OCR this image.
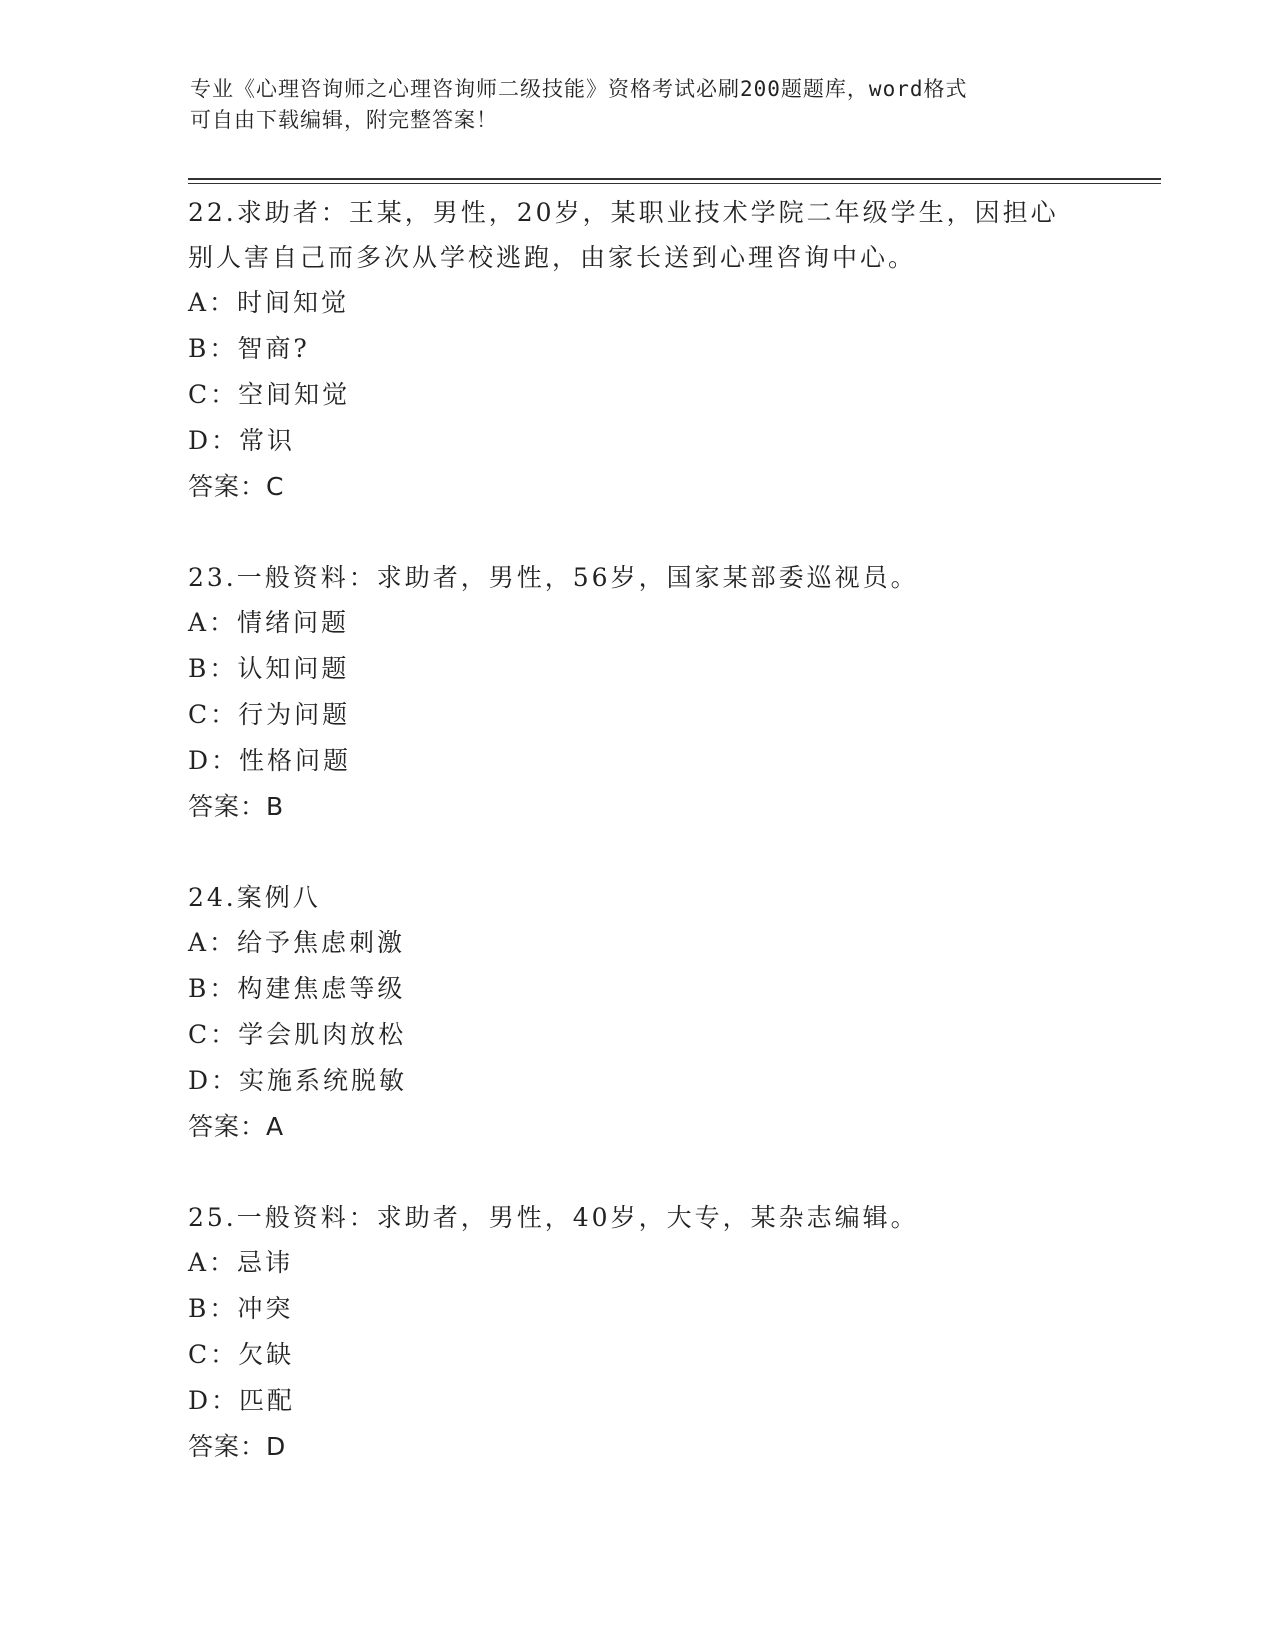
专业《心理咨询师之心理咨询师二级技能》资格考试必刷200题题库，word格式
可自由下载编辑，附完整答案！
22.求助者：王某，男性，20岁，某职业技术学院二年级学生，因担心
别人害自己而多次从学校逃跑，由家长送到心理咨询中心。
A：时间知觉
B：智商?
C：空间知觉
D：常识
答案：C
23.一般资料：求助者，男性，56岁，国家某部委巡视员。
A：情绪问题
B：认知问题
C：行为问题
D：性格问题
答案：B
24.案例八
A：给予焦虑刺激
B：构建焦虑等级
C：学会肌肉放松
D：实施系统脱敏
答案：A
25.一般资料：求助者，男性，40岁，大专，某杂志编辑。
A：忌讳
B：冲突
C：欠缺
D：匹配
答案：D
